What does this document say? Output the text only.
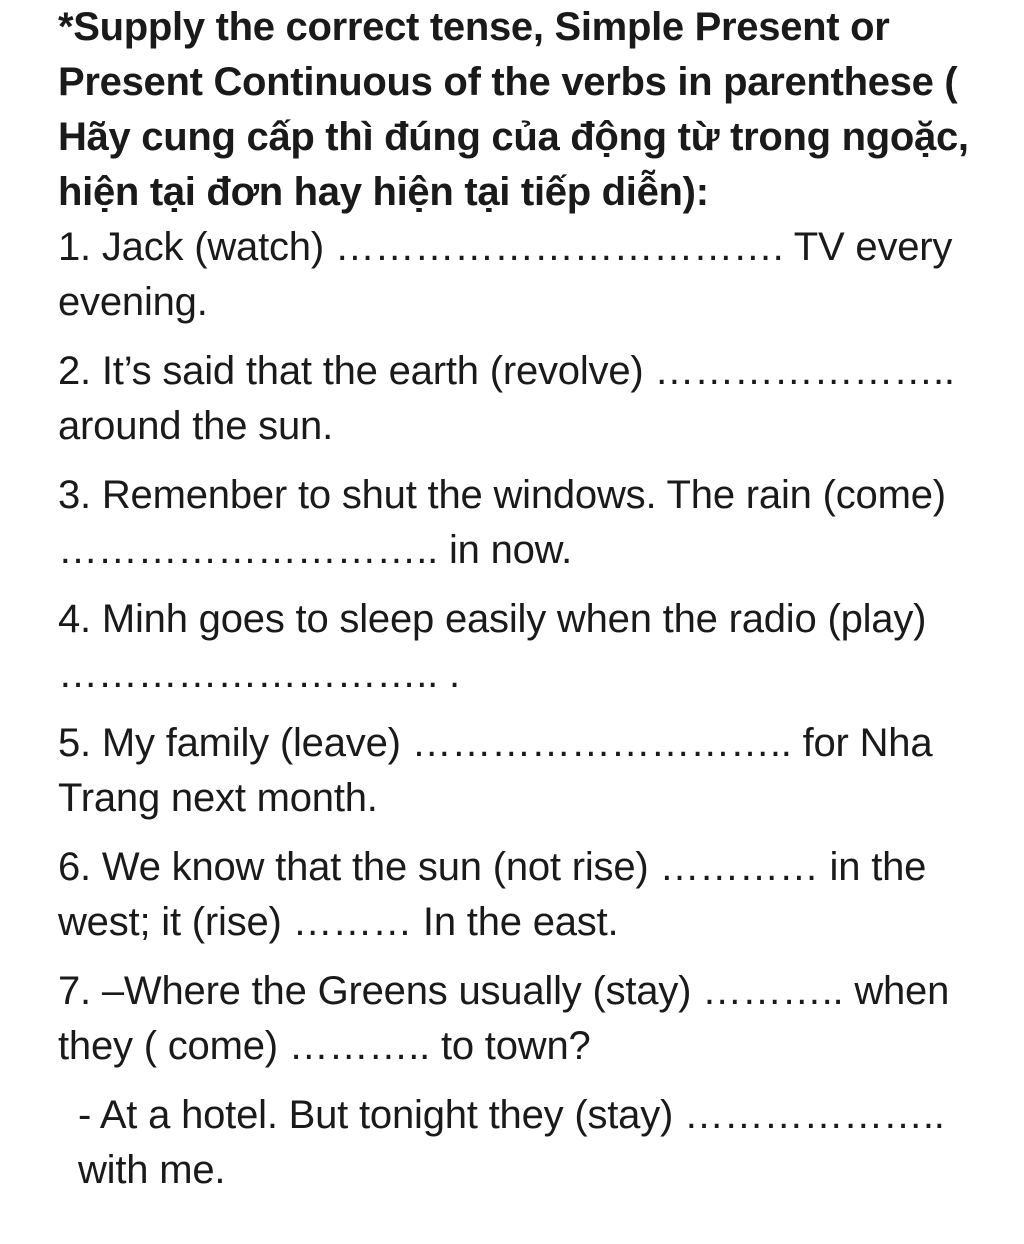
*Supply the correct tense, Simple Present or Present Continuous of the verbs in parenthese ( Hãy cung cấp thì đúng của động từ trong ngoặc, hiện tại đơn hay hiện tại tiếp diễn):

1. Jack (watch) ……………………………. TV every evening.

2. It’s said that the earth (revolve) ………………….. around the sun.

3. Remenber to shut the windows. The rain (come) ……………………….. in now.

4. Minh goes to sleep easily when the radio (play) ……………………….. .

5. My family (leave) ……………………….. for Nha Trang next month.

6. We know that the sun (not rise) ………… in the west; it (rise) ……… In the east.

7. –Where the Greens usually (stay) ……….. when they ( come) ……….. to town?

- At a hotel. But tonight they (stay) ……………….. with me.
